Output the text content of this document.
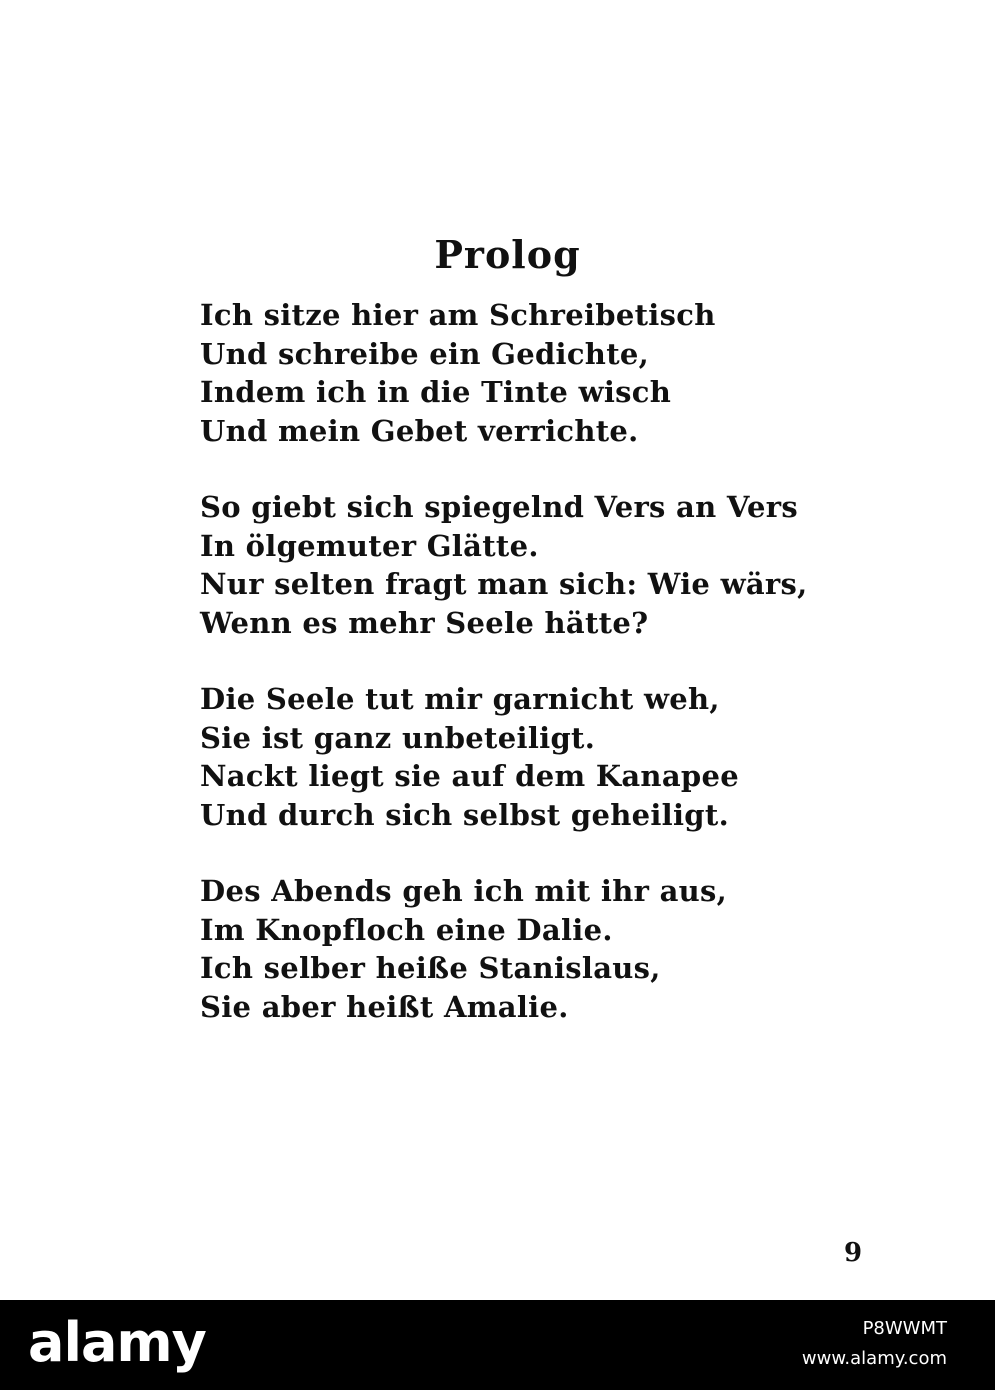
Prolog
Ich sitze hier am Schreibetisch
Und schreibe ein Gedichte,
Indem ich in die Tinte wisch
Und mein Gebet verrichte.
So giebt sich spiegelnd Vers an Vers
In ölgemuter Glätte.
Nur selten fragt man sich: Wie wärs,
Wenn es mehr Seele hätte?
Die Seele tut mir garnicht weh,
Sie ist ganz unbeteiligt.
Nackt liegt sie auf dem Kanapee
Und durch sich selbst geheiligt.
Des Abends geh ich mit ihr aus,
Im Knopfloch eine Dalie.
Ich selber heiße Stanislaus,
Sie aber heißt Amalie.
9
alamy	P8WWMT
www.alamy.com
